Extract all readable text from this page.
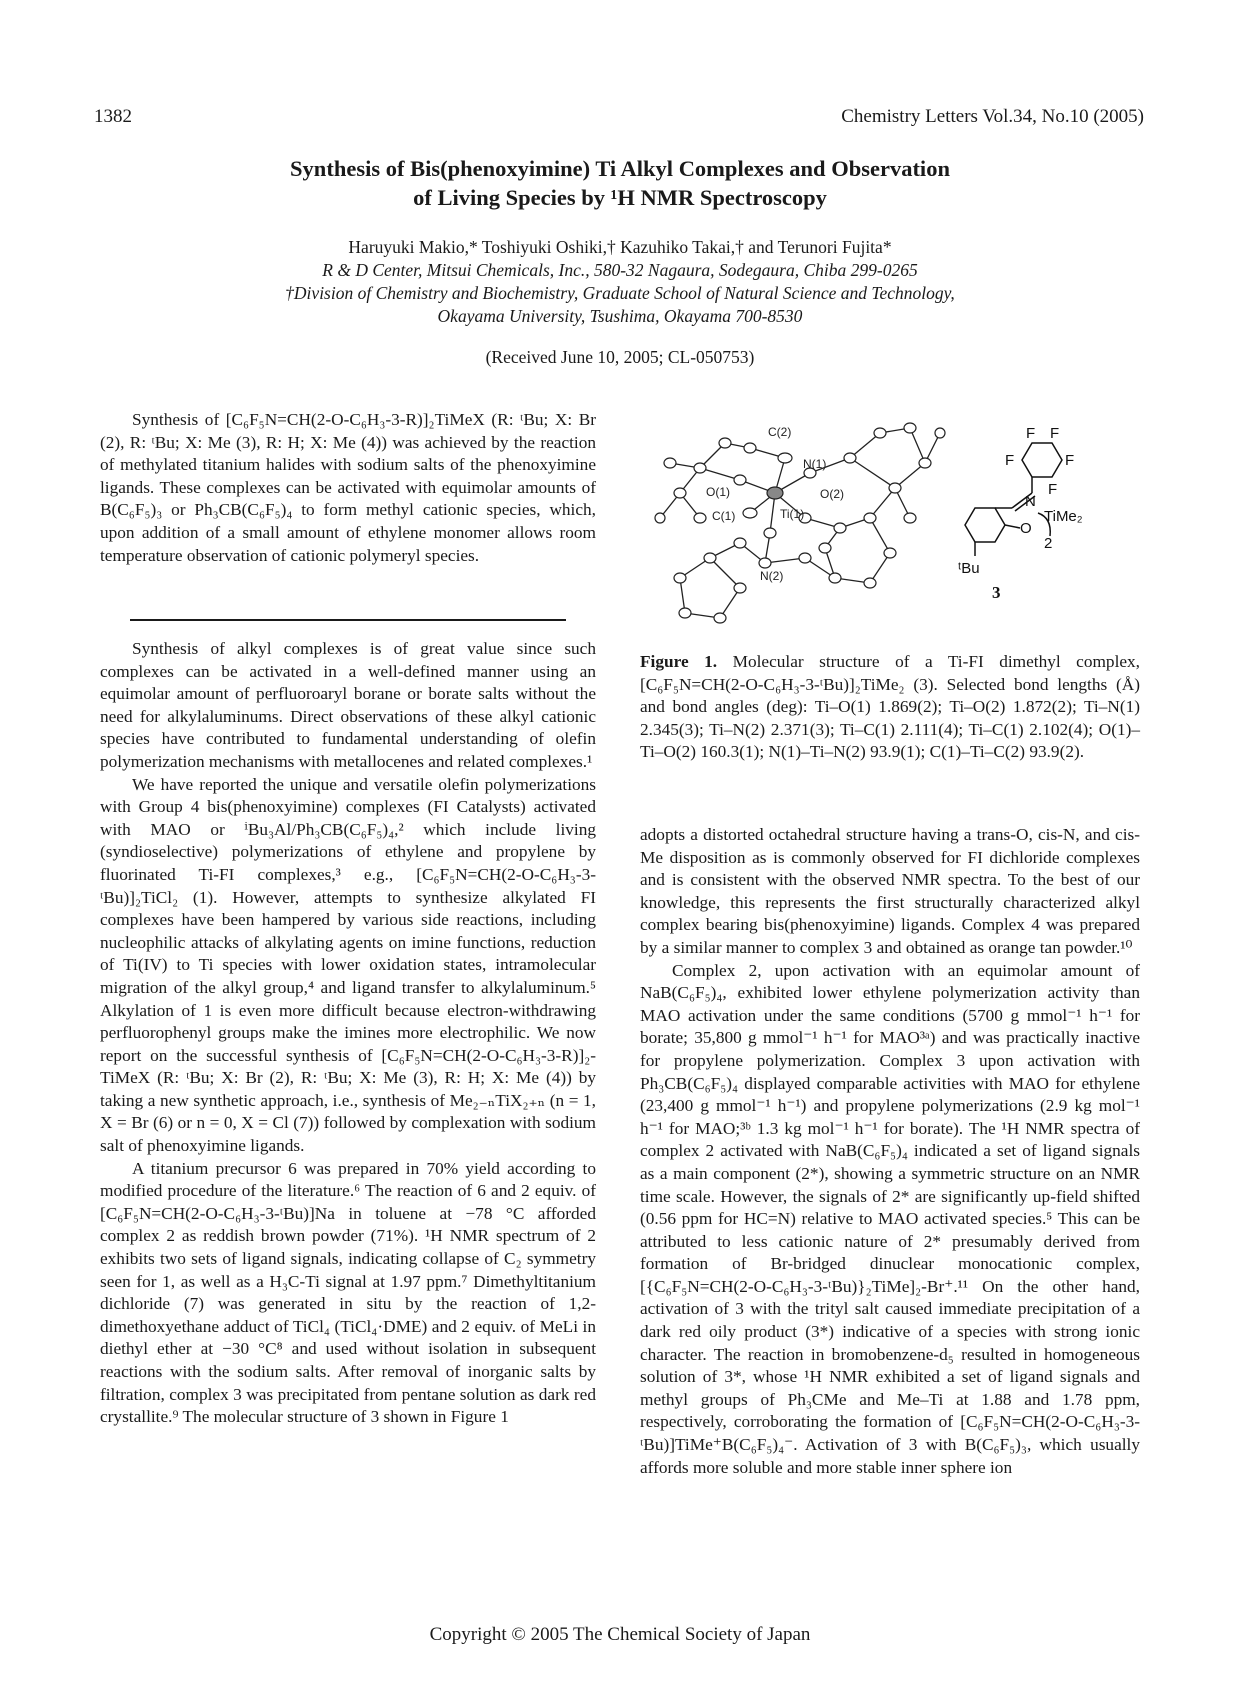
1382	Chemistry Letters Vol.34, No.10 (2005)
Synthesis of Bis(phenoxyimine) Ti Alkyl Complexes and Observation
of Living Species by ¹H NMR Spectroscopy
Haruyuki Makio,* Toshiyuki Oshiki,† Kazuhiko Takai,† and Terunori Fujita*
R & D Center, Mitsui Chemicals, Inc., 580-32 Nagaura, Sodegaura, Chiba 299-0265
†Division of Chemistry and Biochemistry, Graduate School of Natural Science and Technology,
Okayama University, Tsushima, Okayama 700-8530
(Received June 10, 2005; CL-050753)

Synthesis of [C₆F₅N=CH(2-O-C₆H₃-3-R)]₂TiMeX (R: ᵗBu; X: Br (2), R: ᵗBu; X: Me (3), R: H; X: Me (4)) was achieved by the reaction of methylated titanium halides with sodium salts of the phenoxyimine ligands. These complexes can be activated with equimolar amounts of B(C₆F₅)₃ or Ph₃CB(C₆F₅)₄ to form methyl cationic species, which, upon addition of a small amount of ethylene monomer allows room temperature observation of cationic polymeryl species.

Synthesis of alkyl complexes is of great value since such complexes can be activated in a well-defined manner using an equimolar amount of perfluoroaryl borane or borate salts without the need for alkylaluminums. Direct observations of these alkyl cationic species have contributed to fundamental understanding of olefin polymerization mechanisms with metallocenes and related complexes.¹

We have reported the unique and versatile olefin polymerizations with Group 4 bis(phenoxyimine) complexes (FI Catalysts) activated with MAO or ⁱBu₃Al/Ph₃CB(C₆F₅)₄,² which include living (syndioselective) polymerizations of ethylene and propylene by fluorinated Ti-FI complexes,³ e.g., [C₆F₅N=CH(2-O-C₆H₃-3-ᵗBu)]₂TiCl₂ (1). However, attempts to synthesize alkylated FI complexes have been hampered by various side reactions, including nucleophilic attacks of alkylating agents on imine functions, reduction of Ti(IV) to Ti species with lower oxidation states, intramolecular migration of the alkyl group,⁴ and ligand transfer to alkylaluminum.⁵ Alkylation of 1 is even more difficult because electron-withdrawing perfluorophenyl groups make the imines more electrophilic. We now report on the successful synthesis of [C₆F₅N=CH(2-O-C₆H₃-3-R)]₂-TiMeX (R: ᵗBu; X: Br (2), R: ᵗBu; X: Me (3), R: H; X: Me (4)) by taking a new synthetic approach, i.e., synthesis of Me₂₋ₙTiX₂₊ₙ (n = 1, X = Br (6) or n = 0, X = Cl (7)) followed by complexation with sodium salt of phenoxyimine ligands.

A titanium precursor 6 was prepared in 70% yield according to modified procedure of the literature.⁶ The reaction of 6 and 2 equiv. of [C₆F₅N=CH(2-O-C₆H₃-3-ᵗBu)]Na in toluene at −78 °C afforded complex 2 as reddish brown powder (71%). ¹H NMR spectrum of 2 exhibits two sets of ligand signals, indicating collapse of C₂ symmetry seen for 1, as well as a H₃C-Ti signal at 1.97 ppm.⁷ Dimethyltitanium dichloride (7) was generated in situ by the reaction of 1,2-dimethoxyethane adduct of TiCl₄ (TiCl₄·DME) and 2 equiv. of MeLi in diethyl ether at −30 °C⁸ and used without isolation in subsequent reactions with the sodium salts. After removal of inorganic salts by filtration, complex 3 was precipitated from pentane solution as dark red crystallite.⁹ The molecular structure of 3 shown in Figure 1

C(2)
N(1)
O(1)	O(2)
C(1)	Ti(1)
N(2)
F F
F	F
F
N
O
TiMe₂
2
ᵗBu
3

Figure 1. Molecular structure of a Ti-FI dimethyl complex, [C₆F₅N=CH(2-O-C₆H₃-3-ᵗBu)]₂TiMe₂ (3). Selected bond lengths (Å) and bond angles (deg): Ti–O(1) 1.869(2); Ti–O(2) 1.872(2); Ti–N(1) 2.345(3); Ti–N(2) 2.371(3); Ti–C(1) 2.111(4); Ti–C(1) 2.102(4); O(1)–Ti–O(2) 160.3(1); N(1)–Ti–N(2) 93.9(1); C(1)–Ti–C(2) 93.9(2).

adopts a distorted octahedral structure having a trans-O, cis-N, and cis-Me disposition as is commonly observed for FI dichloride complexes and is consistent with the observed NMR spectra. To the best of our knowledge, this represents the first structurally characterized alkyl complex bearing bis(phenoxyimine) ligands. Complex 4 was prepared by a similar manner to complex 3 and obtained as orange tan powder.¹⁰

Complex 2, upon activation with an equimolar amount of NaB(C₆F₅)₄, exhibited lower ethylene polymerization activity than MAO activation under the same conditions (5700 g mmol⁻¹ h⁻¹ for borate; 35,800 g mmol⁻¹ h⁻¹ for MAO³ᵃ) and was practically inactive for propylene polymerization. Complex 3 upon activation with Ph₃CB(C₆F₅)₄ displayed comparable activities with MAO for ethylene (23,400 g mmol⁻¹ h⁻¹) and propylene polymerizations (2.9 kg mol⁻¹ h⁻¹ for MAO;³ᵇ 1.3 kg mol⁻¹ h⁻¹ for borate). The ¹H NMR spectra of complex 2 activated with NaB(C₆F₅)₄ indicated a set of ligand signals as a main component (2*), showing a symmetric structure on an NMR time scale. However, the signals of 2* are significantly up-field shifted (0.56 ppm for HC=N) relative to MAO activated species.⁵ This can be attributed to less cationic nature of 2* presumably derived from formation of Br-bridged dinuclear monocationic complex, [{C₆F₅N=CH(2-O-C₆H₃-3-ᵗBu)}₂TiMe]₂-Br⁺.¹¹ On the other hand, activation of 3 with the trityl salt caused immediate precipitation of a dark red oily product (3*) indicative of a species with strong ionic character. The reaction in bromobenzene-d₅ resulted in homogeneous solution of 3*, whose ¹H NMR exhibited a set of ligand signals and methyl groups of Ph₃CMe and Me–Ti at 1.88 and 1.78 ppm, respectively, corroborating the formation of [C₆F₅N=CH(2-O-C₆H₃-3-ᵗBu)]TiMe⁺B(C₆F₅)₄⁻. Activation of 3 with B(C₆F₅)₃, which usually affords more soluble and more stable inner sphere ion

Copyright © 2005 The Chemical Society of Japan
